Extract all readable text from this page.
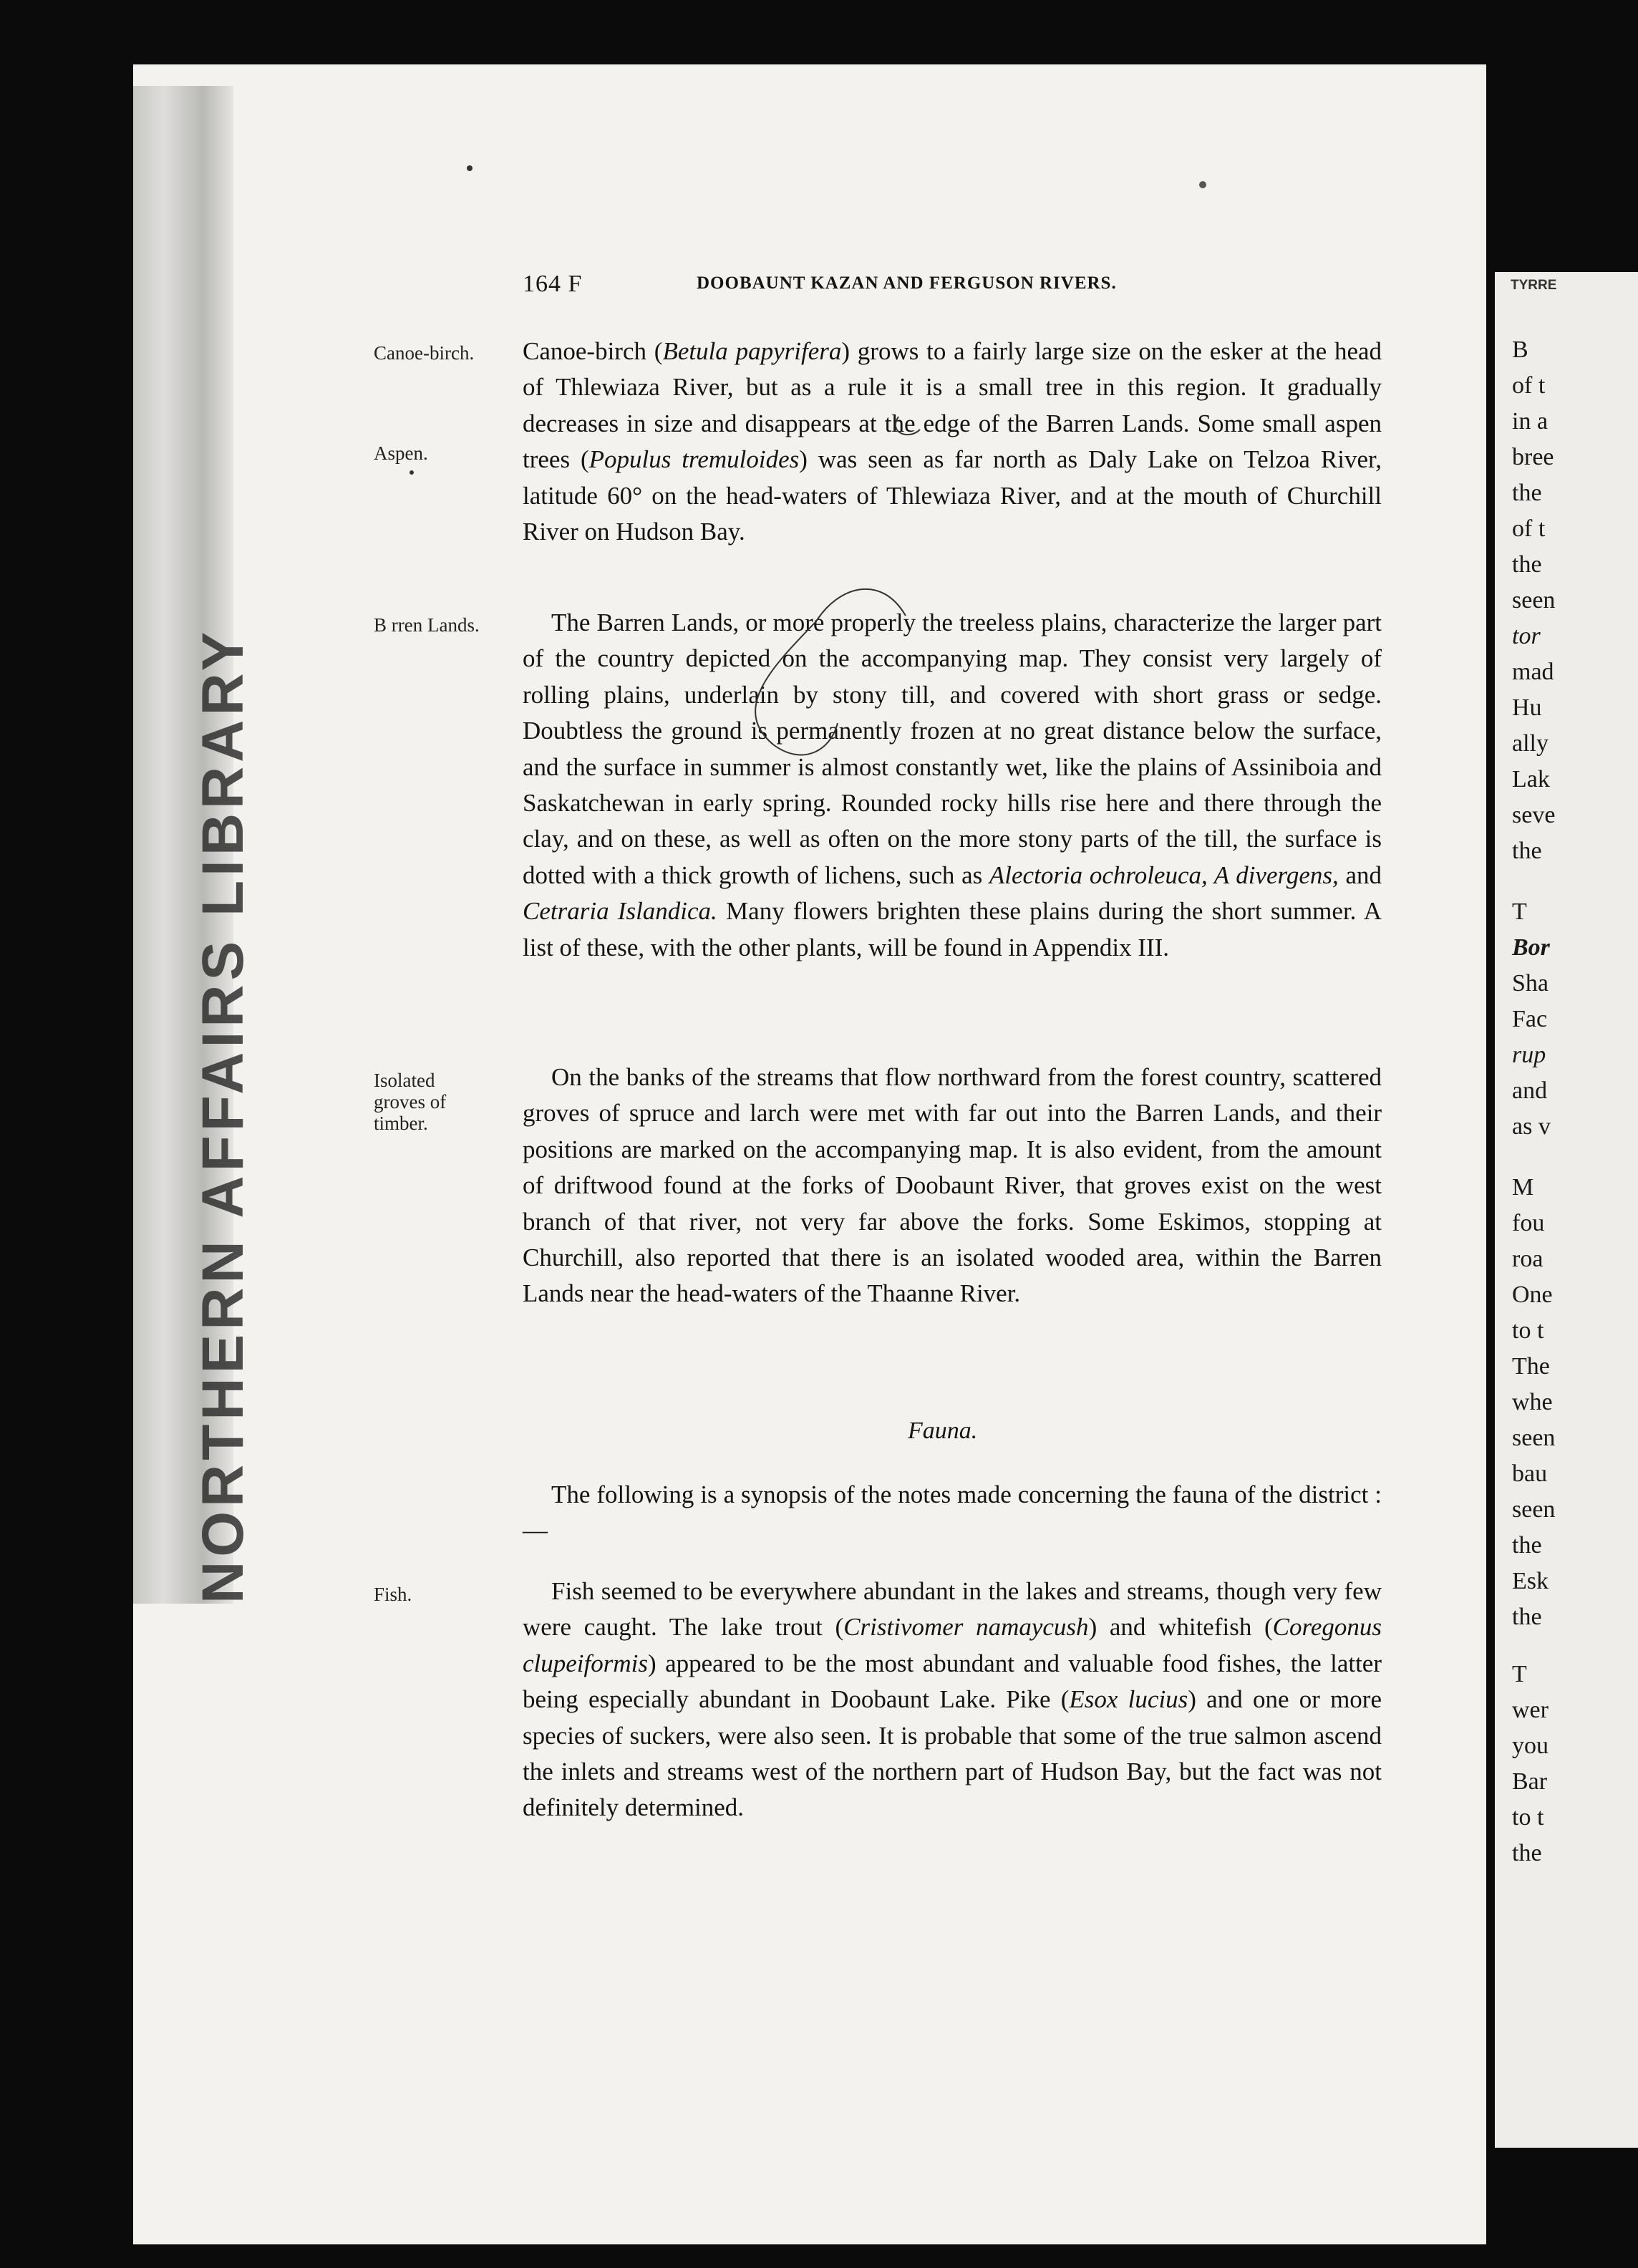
NORTHERN AFFAIRS LIBRARY
TYRRE
B
of t
in a
bree
the
of t
the
seen
tor
mad
Hu
ally
Lak
seve
the
T
Bor
Sha
Fac
rup
and
as v
M
fou
roa
One
to t
The
whe
seen
bau
seen
the
Esk
the
T
wer
you
Bar
to t
the
164 F	DOOBAUNT KAZAN AND FERGUSON RIVERS.
Canoe-birch.
Aspen.
B rren Lands.
Isolated
groves of
timber.
Fish.

Canoe-birch (Betula papyrifera) grows to a fairly large size on the esker at the head of Thlewiaza River, but as a rule it is a small tree in this region. It gradually decreases in size and disappears at the edge of the Barren Lands. Some small aspen trees (Populus tremuloides) was seen as far north as Daly Lake on Telzoa River, latitude 60° on the head-waters of Thlewiaza River, and at the mouth of Churchill River on Hudson Bay.

The Barren Lands, or more properly the treeless plains, characterize the larger part of the country depicted on the accompanying map. They consist very largely of rolling plains, underlain by stony till, and covered with short grass or sedge. Doubtless the ground is permanently frozen at no great distance below the surface, and the surface in summer is almost constantly wet, like the plains of Assiniboia and Saskatchewan in early spring. Rounded rocky hills rise here and there through the clay, and on these, as well as often on the more stony parts of the till, the surface is dotted with a thick growth of lichens, such as Alectoria ochroleuca, A divergens, and Cetraria Islandica. Many flowers brighten these plains during the short summer. A list of these, with the other plants, will be found in Appendix III.

On the banks of the streams that flow northward from the forest country, scattered groves of spruce and larch were met with far out into the Barren Lands, and their positions are marked on the accompanying map. It is also evident, from the amount of driftwood found at the forks of Doobaunt River, that groves exist on the west branch of that river, not very far above the forks. Some Eskimos, stopping at Churchill, also reported that there is an isolated wooded area, within the Barren Lands near the head-waters of the Thaanne River.

Fauna.

The following is a synopsis of the notes made concerning the fauna of the district :—

Fish seemed to be everywhere abundant in the lakes and streams, though very few were caught. The lake trout (Cristivomer namaycush) and whitefish (Coregonus clupeiformis) appeared to be the most abundant and valuable food fishes, the latter being especially abundant in Doobaunt Lake. Pike (Esox lucius) and one or more species of suckers, were also seen. It is probable that some of the true salmon ascend the inlets and streams west of the northern part of Hudson Bay, but the fact was not definitely determined.
